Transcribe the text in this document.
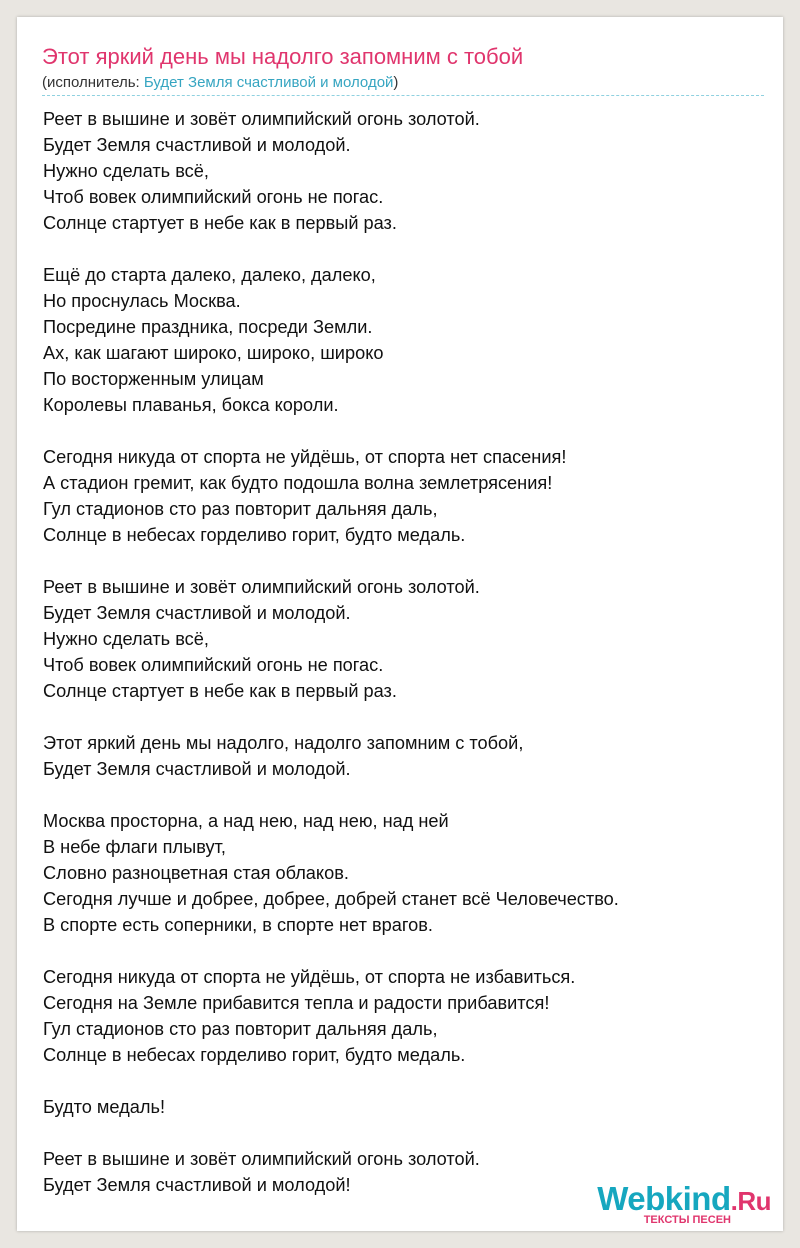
Этот яркий день мы надолго запомним с тобой
(исполнитель: Будет Земля счастливой и молодой)
Реет в вышине и зовёт олимпийский огонь золотой.
Будет Земля счастливой и молодой.
Нужно сделать всё,
Чтоб вовек олимпийский огонь не погас.
Солнце стартует в небе как в первый раз.
Ещё до старта далеко, далеко, далеко,
Но проснулась Москва.
Посредине праздника, посреди Земли.
Ах, как шагают широко, широко, широко
По восторженным улицам
Королевы плаванья, бокса короли.
Сегодня никуда от спорта не уйдёшь, от спорта нет спасения!
А стадион гремит, как будто подошла волна землетрясения!
Гул стадионов сто раз повторит дальняя даль,
Солнце в небесах горделиво горит, будто медаль.
Реет в вышине и зовёт олимпийский огонь золотой.
Будет Земля счастливой и молодой.
Нужно сделать всё,
Чтоб вовек олимпийский огонь не погас.
Солнце стартует в небе как в первый раз.
Этот яркий день мы надолго, надолго запомним с тобой,
Будет Земля счастливой и молодой.
Москва просторна, а над нею, над нею, над ней
В небе флаги плывут,
Словно разноцветная стая облаков.
Сегодня лучше и добрее, добрее, добрей станет всё Человечество.
В спорте есть соперники, в спорте нет врагов.
Сегодня никуда от спорта не уйдёшь, от спорта не избавиться.
Сегодня на Земле прибавится тепла и радости прибавится!
Гул стадионов сто раз повторит дальняя даль,
Солнце в небесах горделиво горит, будто медаль.
Будто медаль!
Реет в вышине и зовёт олимпийский огонь золотой.
Будет Земля счастливой и молодой!	Webkind.Ru
ТЕКСТЫ ПЕСЕН
